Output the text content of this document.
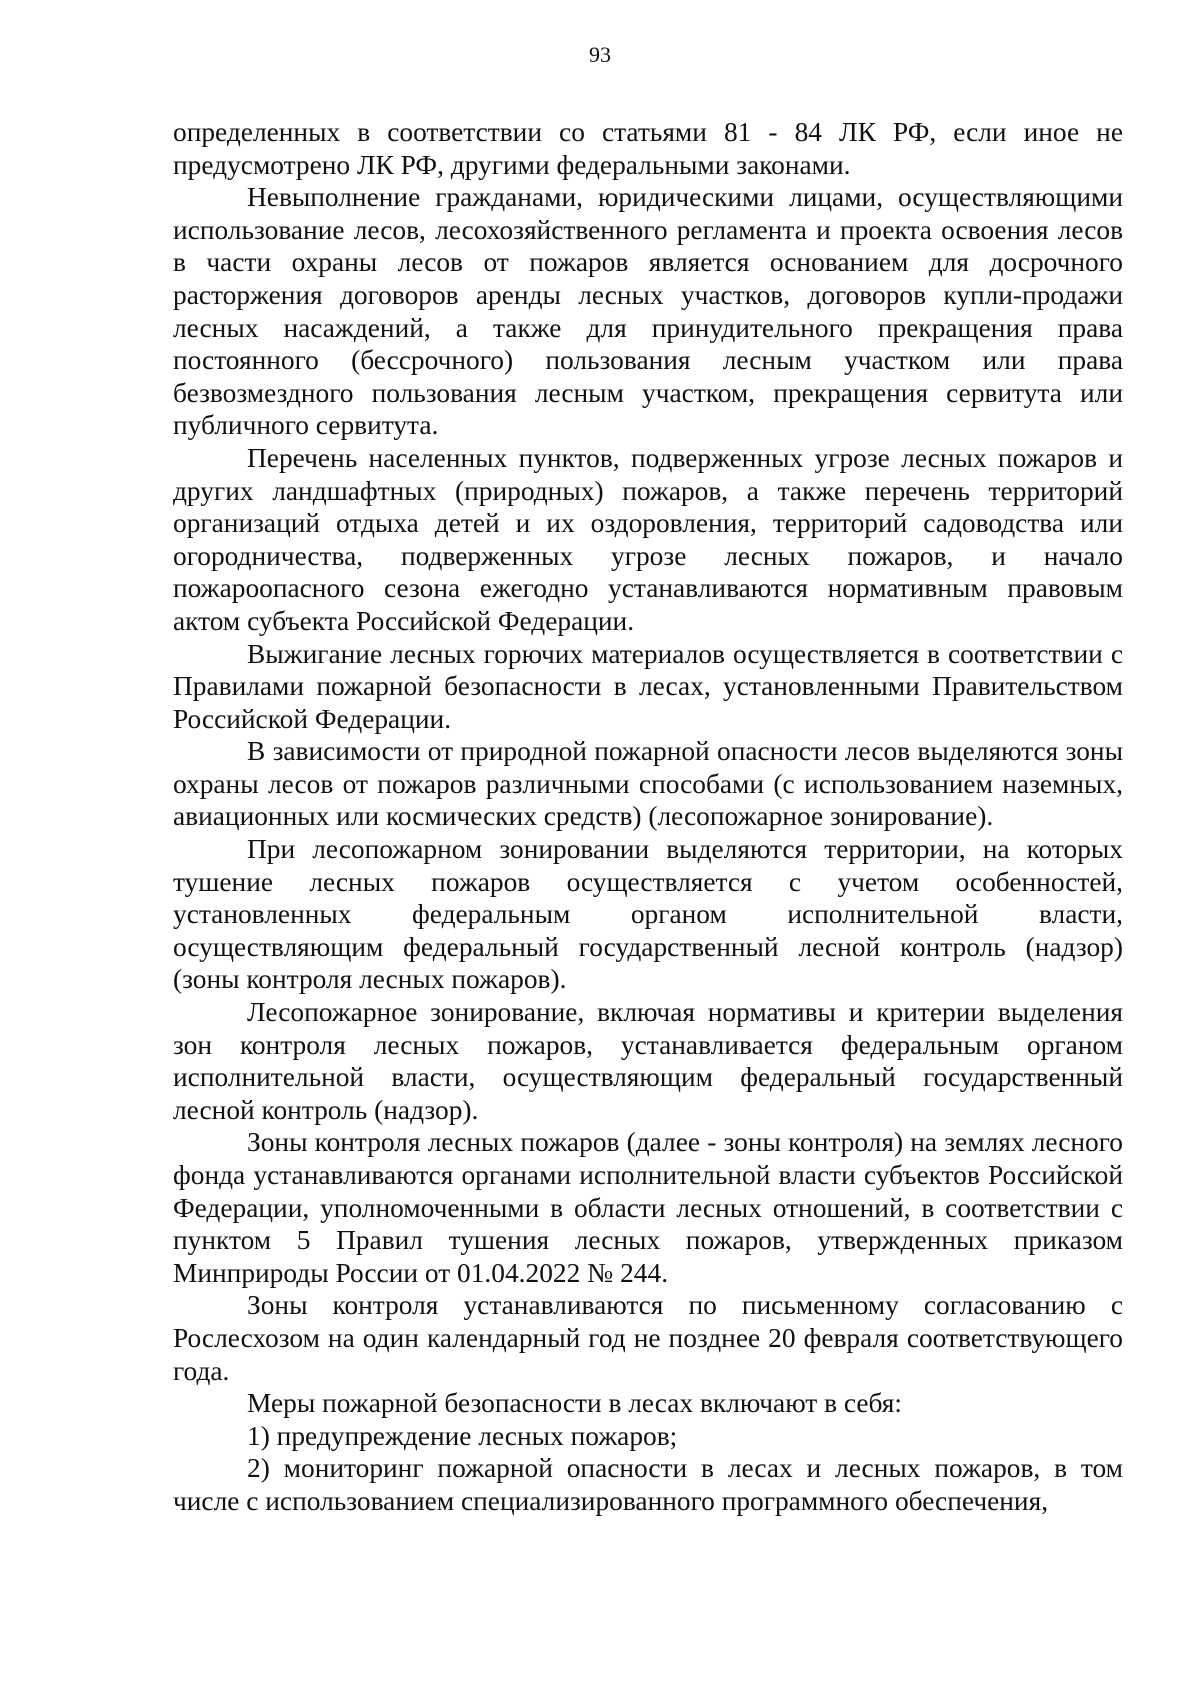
93

определенных в соответствии со статьями 81 - 84 ЛК РФ, если иное не предусмотрено ЛК РФ, другими федеральными законами.

Невыполнение гражданами, юридическими лицами, осуществляющими использование лесов, лесохозяйственного регламента и проекта освоения лесов в части охраны лесов от пожаров является основанием для досрочного расторжения договоров аренды лесных участков, договоров купли-продажи лесных насаждений, а также для принудительного прекращения права постоянного (бессрочного) пользования лесным участком или права безвозмездного пользования лесным участком, прекращения сервитута или публичного сервитута.

Перечень населенных пунктов, подверженных угрозе лесных пожаров и других ландшафтных (природных) пожаров, а также перечень территорий организаций отдыха детей и их оздоровления, территорий садоводства или огородничества, подверженных угрозе лесных пожаров, и начало пожароопасного сезона ежегодно устанавливаются нормативным правовым актом субъекта Российской Федерации.

Выжигание лесных горючих материалов осуществляется в соответствии с Правилами пожарной безопасности в лесах, установленными Правительством Российской Федерации.

В зависимости от природной пожарной опасности лесов выделяются зоны охраны лесов от пожаров различными способами (с использованием наземных, авиационных или космических средств) (лесопожарное зонирование).

При лесопожарном зонировании выделяются территории, на которых тушение лесных пожаров осуществляется с учетом особенностей, установленных федеральным органом исполнительной власти, осуществляющим федеральный государственный лесной контроль (надзор) (зоны контроля лесных пожаров).

Лесопожарное зонирование, включая нормативы и критерии выделения зон контроля лесных пожаров, устанавливается федеральным органом исполнительной власти, осуществляющим федеральный государственный лесной контроль (надзор).

Зоны контроля лесных пожаров (далее - зоны контроля) на землях лесного фонда устанавливаются органами исполнительной власти субъектов Российской Федерации, уполномоченными в области лесных отношений, в соответствии с пунктом 5 Правил тушения лесных пожаров, утвержденных приказом Минприроды России от 01.04.2022 № 244.

Зоны контроля устанавливаются по письменному согласованию с Рослесхозом на один календарный год не позднее 20 февраля соответствующего года.

Меры пожарной безопасности в лесах включают в себя:

1) предупреждение лесных пожаров;

2) мониторинг пожарной опасности в лесах и лесных пожаров, в том числе с использованием специализированного программного обеспечения,
